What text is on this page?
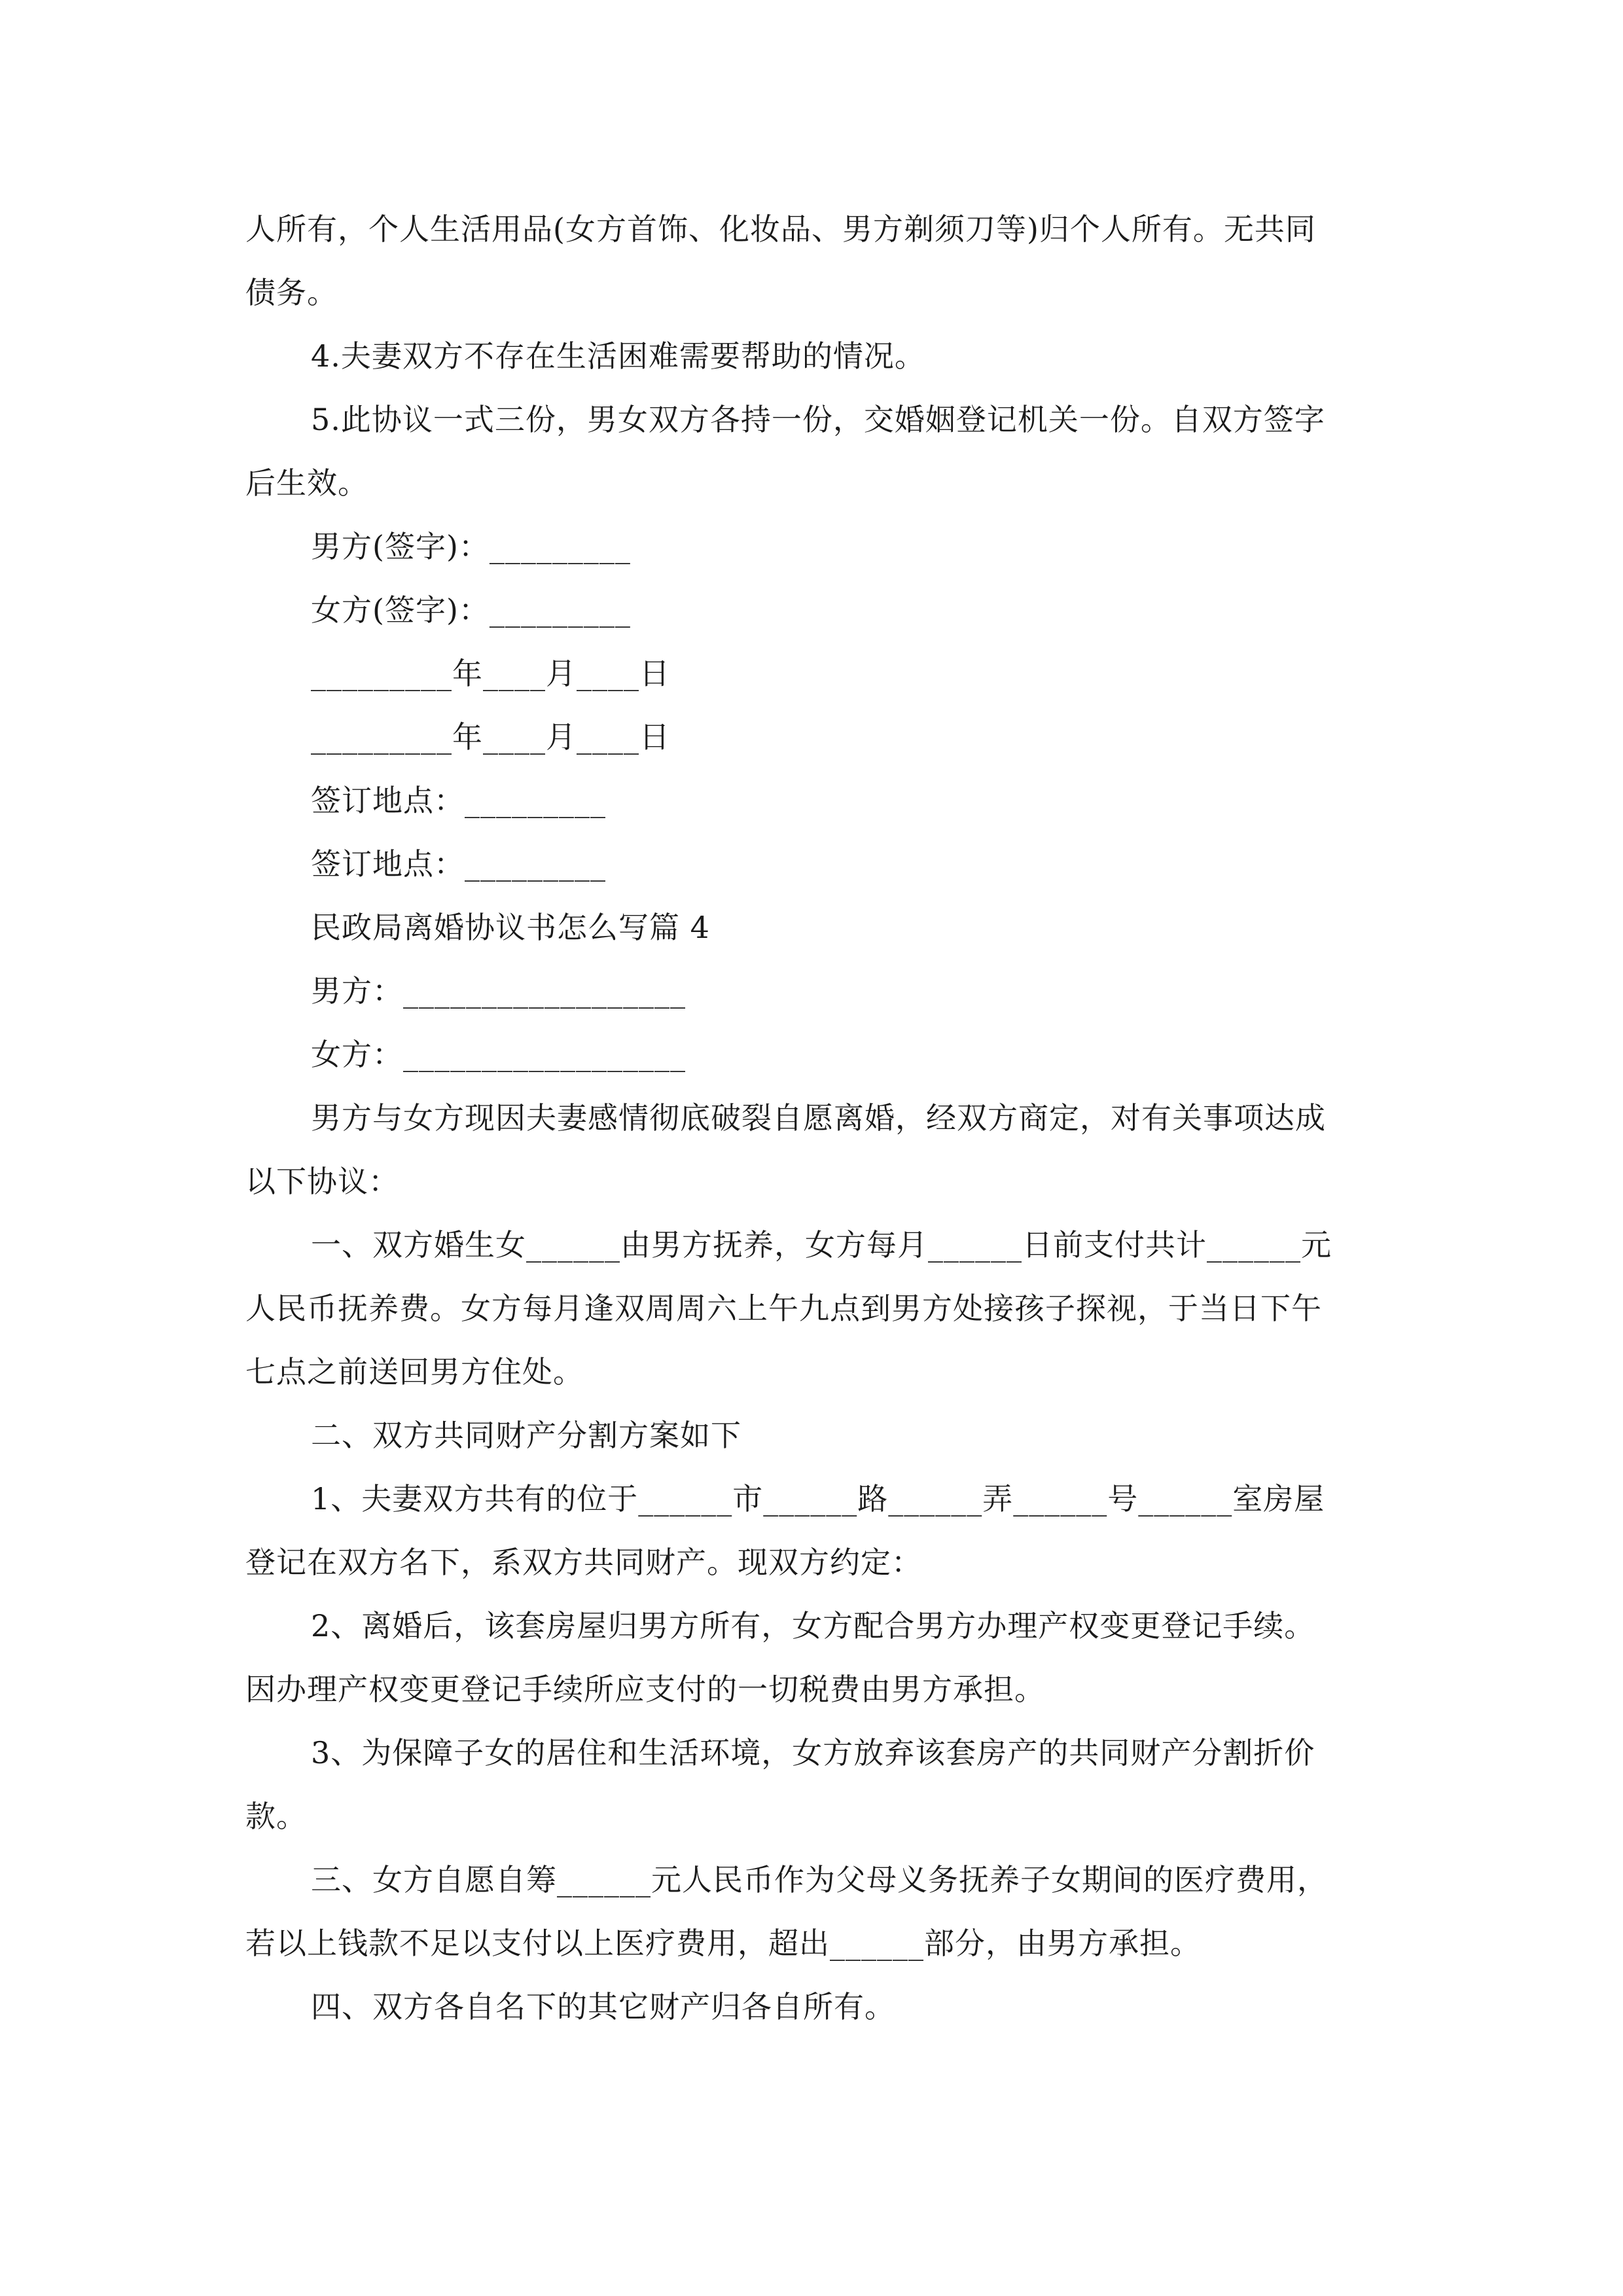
人所有，个人生活用品(女方首饰、化妆品、男方剃须刀等)归个人所有。无共同
债务。
4.夫妻双方不存在生活困难需要帮助的情况。
5.此协议一式三份，男女双方各持一份，交婚姻登记机关一份。自双方签字
后生效。
男方(签字)：_________
女方(签字)：_________
_________年____月____日
_________年____月____日
签订地点：_________
签订地点：_________
民政局离婚协议书怎么写篇 4
男方：__________________
女方：__________________
男方与女方现因夫妻感情彻底破裂自愿离婚，经双方商定，对有关事项达成
以下协议：
一、双方婚生女______由男方抚养，女方每月______日前支付共计______元
人民币抚养费。女方每月逢双周周六上午九点到男方处接孩子探视，于当日下午
七点之前送回男方住处。
二、双方共同财产分割方案如下
1、夫妻双方共有的位于______市______路______弄______号______室房屋
登记在双方名下，系双方共同财产。现双方约定：
2、离婚后，该套房屋归男方所有，女方配合男方办理产权变更登记手续。
因办理产权变更登记手续所应支付的一切税费由男方承担。
3、为保障子女的居住和生活环境，女方放弃该套房产的共同财产分割折价
款。
三、女方自愿自筹______元人民币作为父母义务抚养子女期间的医疗费用，
若以上钱款不足以支付以上医疗费用，超出______部分，由男方承担。
四、双方各自名下的其它财产归各自所有。
